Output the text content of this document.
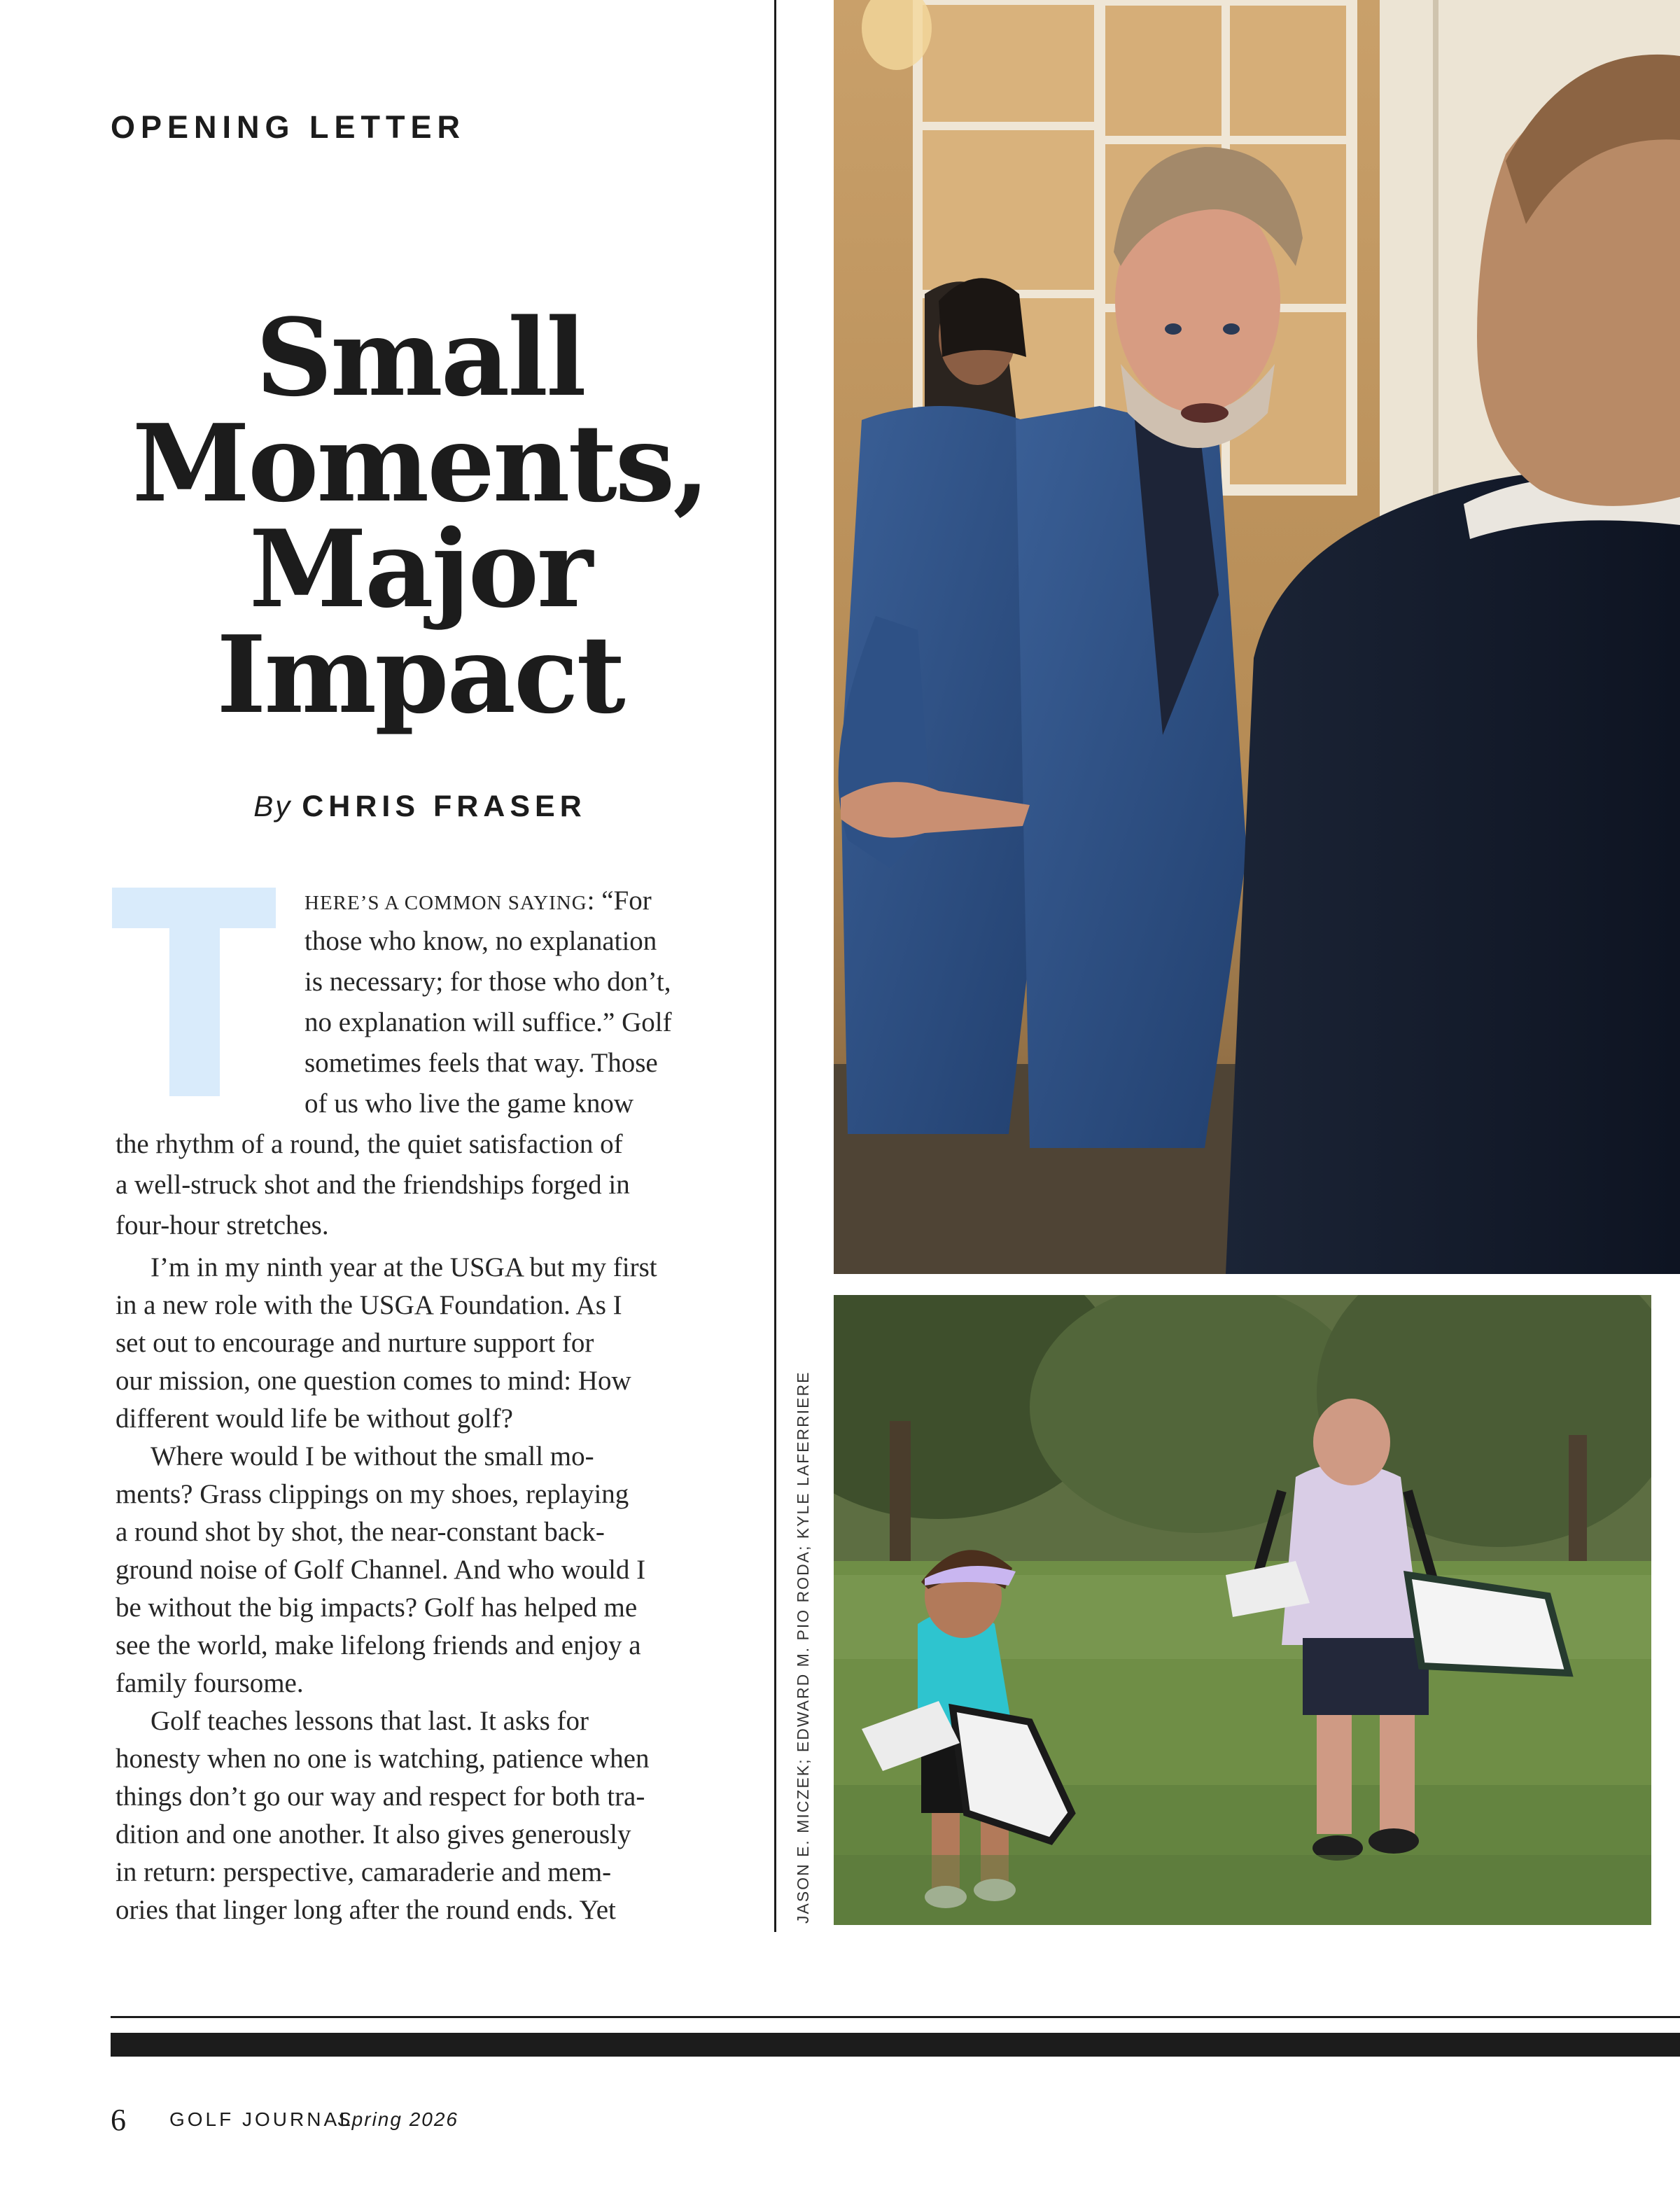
OPENING LETTER
Small
Moments,
Major
Impact
By CHRIS FRASER
HERE’S A COMMON SAYING: “For
those who know, no explanation
is necessary; for those who don’t,
no explanation will suffice.” Golf
sometimes feels that way. Those
of us who live the game know
the rhythm of a round, the quiet satisfaction of
a well-struck shot and the friendships forged in
four-hour stretches.
I’m in my ninth year at the USGA but my first
in a new role with the USGA Foundation. As I
set out to encourage and nurture support for
our mission, one question comes to mind: How
different would life be without golf?
Where would I be without the small mo-
ments? Grass clippings on my shoes, replaying
a round shot by shot, the near-constant back-
ground noise of Golf Channel. And who would I
be without the big impacts? Golf has helped me
see the world, make lifelong friends and enjoy a
family foursome.
Golf teaches lessons that last. It asks for
honesty when no one is watching, patience when
things don’t go our way and respect for both tra-
dition and one another. It also gives generously
in return: perspective, camaraderie and mem-
ories that linger long after the round ends. Yet	JASON E. MICZEK; EDWARD M. PIO RODA; KYLE LAFERRIERE
6 GOLF JOURNAL
Spring 2026
